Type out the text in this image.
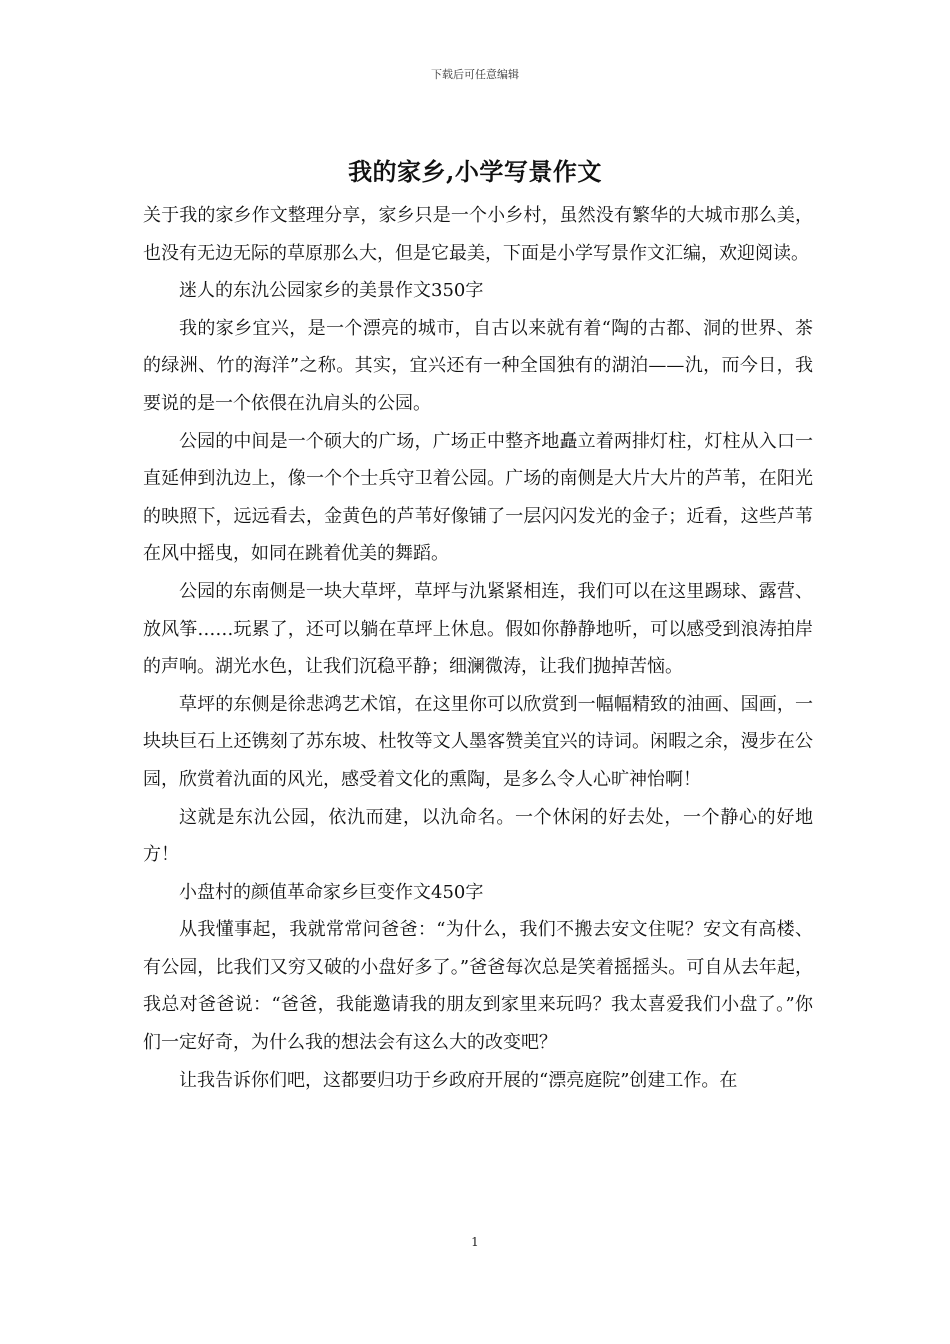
下载后可任意编辑
我的家乡,小学写景作文

关于我的家乡作文整理分享，家乡只是一个小乡村，虽然没有繁华的大城市那么美，也没有无边无际的草原那么大，但是它最美，下面是小学写景作文汇编，欢迎阅读。

迷人的东氿公园家乡的美景作文350字

我的家乡宜兴，是一个漂亮的城市，自古以来就有着“陶的古都、洞的世界、茶的绿洲、竹的海洋”之称。其实，宜兴还有一种全国独有的湖泊——氿，而今日，我要说的是一个依偎在氿肩头的公园。

公园的中间是一个硕大的广场，广场正中整齐地矗立着两排灯柱，灯柱从入口一直延伸到氿边上，像一个个士兵守卫着公园。广场的南侧是大片大片的芦苇，在阳光的映照下，远远看去，金黄色的芦苇好像铺了一层闪闪发光的金子；近看，这些芦苇在风中摇曳，如同在跳着优美的舞蹈。

公园的东南侧是一块大草坪，草坪与氿紧紧相连，我们可以在这里踢球、露营、放风筝……玩累了，还可以躺在草坪上休息。假如你静静地听，可以感受到浪涛拍岸的声响。湖光水色，让我们沉稳平静；细澜微涛，让我们抛掉苦恼。

草坪的东侧是徐悲鸿艺术馆，在这里你可以欣赏到一幅幅精致的油画、国画，一块块巨石上还镌刻了苏东坡、杜牧等文人墨客赞美宜兴的诗词。闲暇之余，漫步在公园，欣赏着氿面的风光，感受着文化的熏陶，是多么令人心旷神怡啊！

这就是东氿公园，依氿而建，以氿命名。一个休闲的好去处，一个静心的好地方！

小盘村的颜值革命家乡巨变作文450字

从我懂事起，我就常常问爸爸：“为什么，我们不搬去安文住呢？安文有高楼、有公园，比我们又穷又破的小盘好多了。”爸爸每次总是笑着摇摇头。可自从去年起，我总对爸爸说：“爸爸，我能邀请我的朋友到家里来玩吗？我太喜爱我们小盘了。”你们一定好奇，为什么我的想法会有这么大的改变吧？

让我告诉你们吧，这都要归功于乡政府开展的“漂亮庭院”创建工作。在

1
